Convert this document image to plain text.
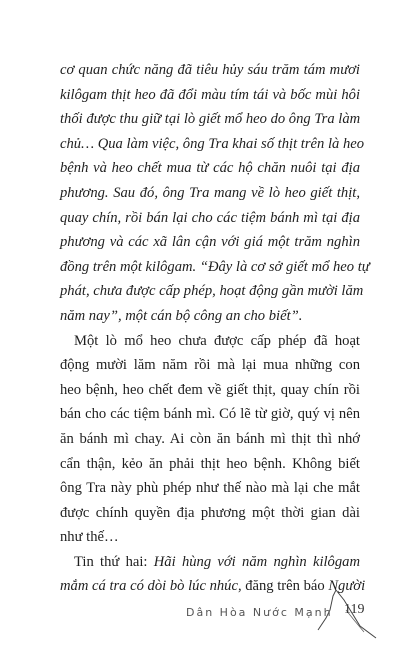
cơ quan chức năng đã tiêu hủy sáu trăm tám mươi
kilôgam thịt heo đã đổi màu tím tái và bốc mùi hôi
thối được thu giữ tại lò giết mổ heo do ông Tra làm
chủ… Qua làm việc, ông Tra khai số thịt trên là heo
bệnh và heo chết mua từ các hộ chăn nuôi tại địa
phương. Sau đó, ông Tra mang về lò heo giết thịt,
quay chín, rồi bán lại cho các tiệm bánh mì tại địa
phương và các xã lân cận với giá một trăm nghìn
đồng trên một kilôgam. “Đây là cơ sở giết mổ heo tự
phát, chưa được cấp phép, hoạt động gần mười lăm
năm nay”, một cán bộ công an cho biết”.
Một lò mổ heo chưa được cấp phép đã hoạt
động mười lăm năm rồi mà lại mua những con
heo bệnh, heo chết đem về giết thịt, quay chín rồi
bán cho các tiệm bánh mì. Có lẽ từ giờ, quý vị nên
ăn bánh mì chay. Ai còn ăn bánh mì thịt thì nhớ
cẩn thận, kẻo ăn phải thịt heo bệnh. Không biết
ông Tra này phù phép như thế nào mà lại che mắt
được chính quyền địa phương một thời gian dài
như thế…
Tin thứ hai: Hãi hùng với năm nghìn kilôgam
mắm cá tra có dòi bò lúc nhúc, đăng trên báo Người
Dân Hòa Nước Mạnh 119
